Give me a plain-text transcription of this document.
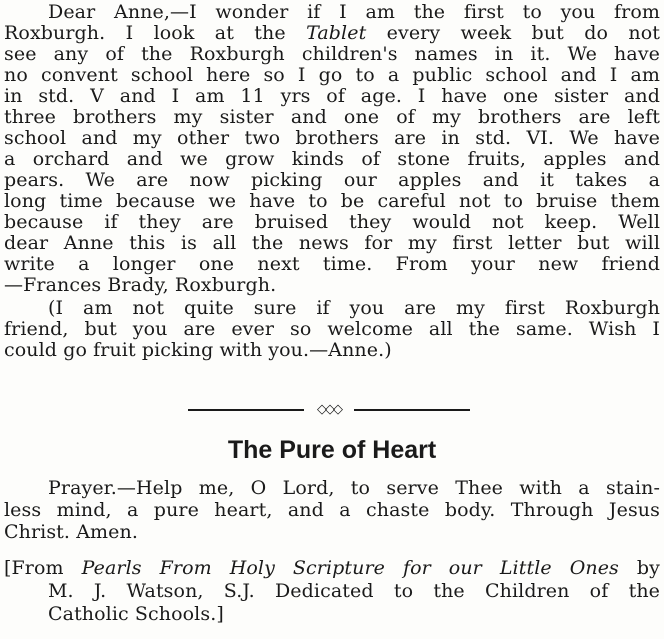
Dear Anne,—I wonder if I am the first to you from
Roxburgh. I look at the Tablet every week but do not
see any of the Roxburgh children's names in it. We have
no convent school here so I go to a public school and I am
in std. V and I am 11 yrs of age. I have one sister and
three brothers my sister and one of my brothers are left
school and my other two brothers are in std. VI. We have
a orchard and we grow kinds of stone fruits, apples and
pears. We are now picking our apples and it takes a
long time because we have to be careful not to bruise them
because if they are bruised they would not keep. Well
dear Anne this is all the news for my first letter but will
write a longer one next time. From your new friend
—Frances Brady, Roxburgh.
(I am not quite sure if you are my first Roxburgh
friend, but you are ever so welcome all the same. Wish I
could go fruit picking with you.—Anne.)
◇◇◇
The Pure of Heart
Prayer.—Help me, O Lord, to serve Thee with a stain-
less mind, a pure heart, and a chaste body. Through Jesus
Christ. Amen.
[From Pearls From Holy Scripture for our Little Ones by
M. J. Watson, S.J. Dedicated to the Children of the
Catholic Schools.]
